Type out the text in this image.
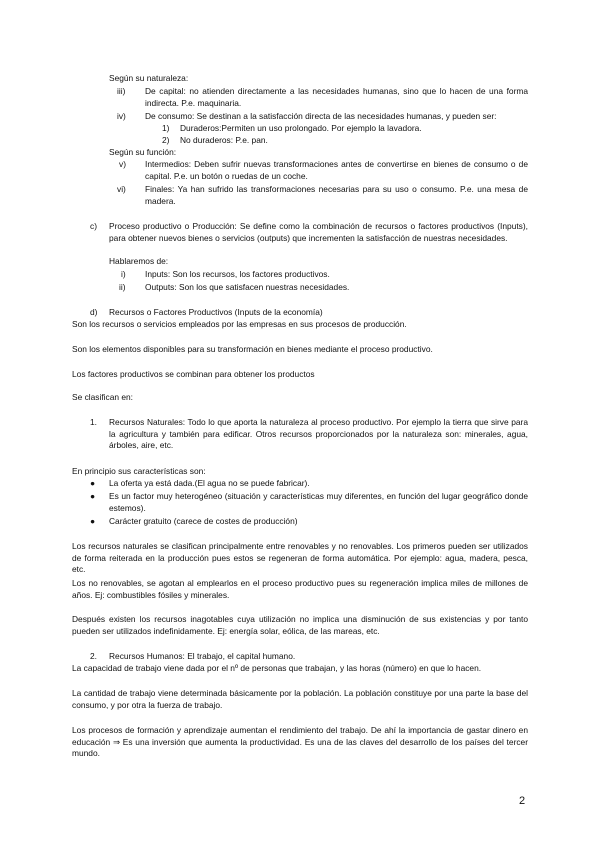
Según su naturaleza:
iii) De capital: no atienden directamente a las necesidades humanas, sino que lo hacen de una forma indirecta. P.e. maquinaria.
iv) De consumo: Se destinan a la satisfacción directa de las necesidades humanas, y pueden ser:
1) Duraderos:Permiten un uso prolongado. Por ejemplo la lavadora.
2) No duraderos: P.e. pan.
Según su función:
v) Intermedios: Deben sufrir nuevas transformaciones antes de convertirse en bienes de consumo o de capital. P.e. un botón o ruedas de un coche.
vi) Finales: Ya han sufrido las transformaciones necesarias para su uso o consumo. P.e. una mesa de madera.
c) Proceso productivo o Producción: Se define como la combinación de recursos o factores productivos (Inputs), para obtener nuevos bienes o servicios (outputs) que incrementen la satisfacción de nuestras necesidades.
Hablaremos de:
i) Inputs: Son los recursos, los factores productivos.
ii) Outputs: Son los que satisfacen nuestras necesidades.
d) Recursos o Factores Productivos (Inputs de la economía)
Son los recursos o servicios empleados por las empresas en sus procesos de producción.
Son los elementos disponibles para su transformación en bienes mediante el proceso productivo.
Los factores productivos se combinan para obtener los productos
Se clasifican en:
1. Recursos Naturales: Todo lo que aporta la naturaleza al proceso productivo. Por ejemplo la tierra que sirve para la agricultura y también para edificar. Otros recursos proporcionados por la naturaleza son: minerales, agua, árboles, aire, etc.
En principio sus características son:
● La oferta ya está dada.(El agua no se puede fabricar).
● Es un factor muy heterogéneo (situación y características muy diferentes, en función del lugar geográfico donde estemos).
● Carácter gratuito (carece de costes de producción)
Los recursos naturales se clasifican principalmente entre renovables y no renovables. Los primeros pueden ser utilizados de forma reiterada en la producción pues estos se regeneran de forma automática. Por ejemplo: agua, madera, pesca, etc.
Los no renovables, se agotan al emplearlos en el proceso productivo pues su regeneración implica miles de millones de años. Ej: combustibles fósiles y minerales.
Después existen los recursos inagotables cuya utilización no implica una disminución de sus existencias y por tanto pueden ser utilizados indefinidamente. Ej: energía solar, eólica, de las mareas, etc.
2. Recursos Humanos: El trabajo, el capital humano.
La capacidad de trabajo viene dada por el nº de personas que trabajan, y las horas (número) en que lo hacen.
La cantidad de trabajo viene determinada básicamente por la población. La población constituye por una parte la base del consumo, y por otra la fuerza de trabajo.
Los procesos de formación y aprendizaje aumentan el rendimiento del trabajo. De ahí la importancia de gastar dinero en educación ⇒ Es una inversión que aumenta la productividad. Es una de las claves del desarrollo de los países del tercer mundo.
2
